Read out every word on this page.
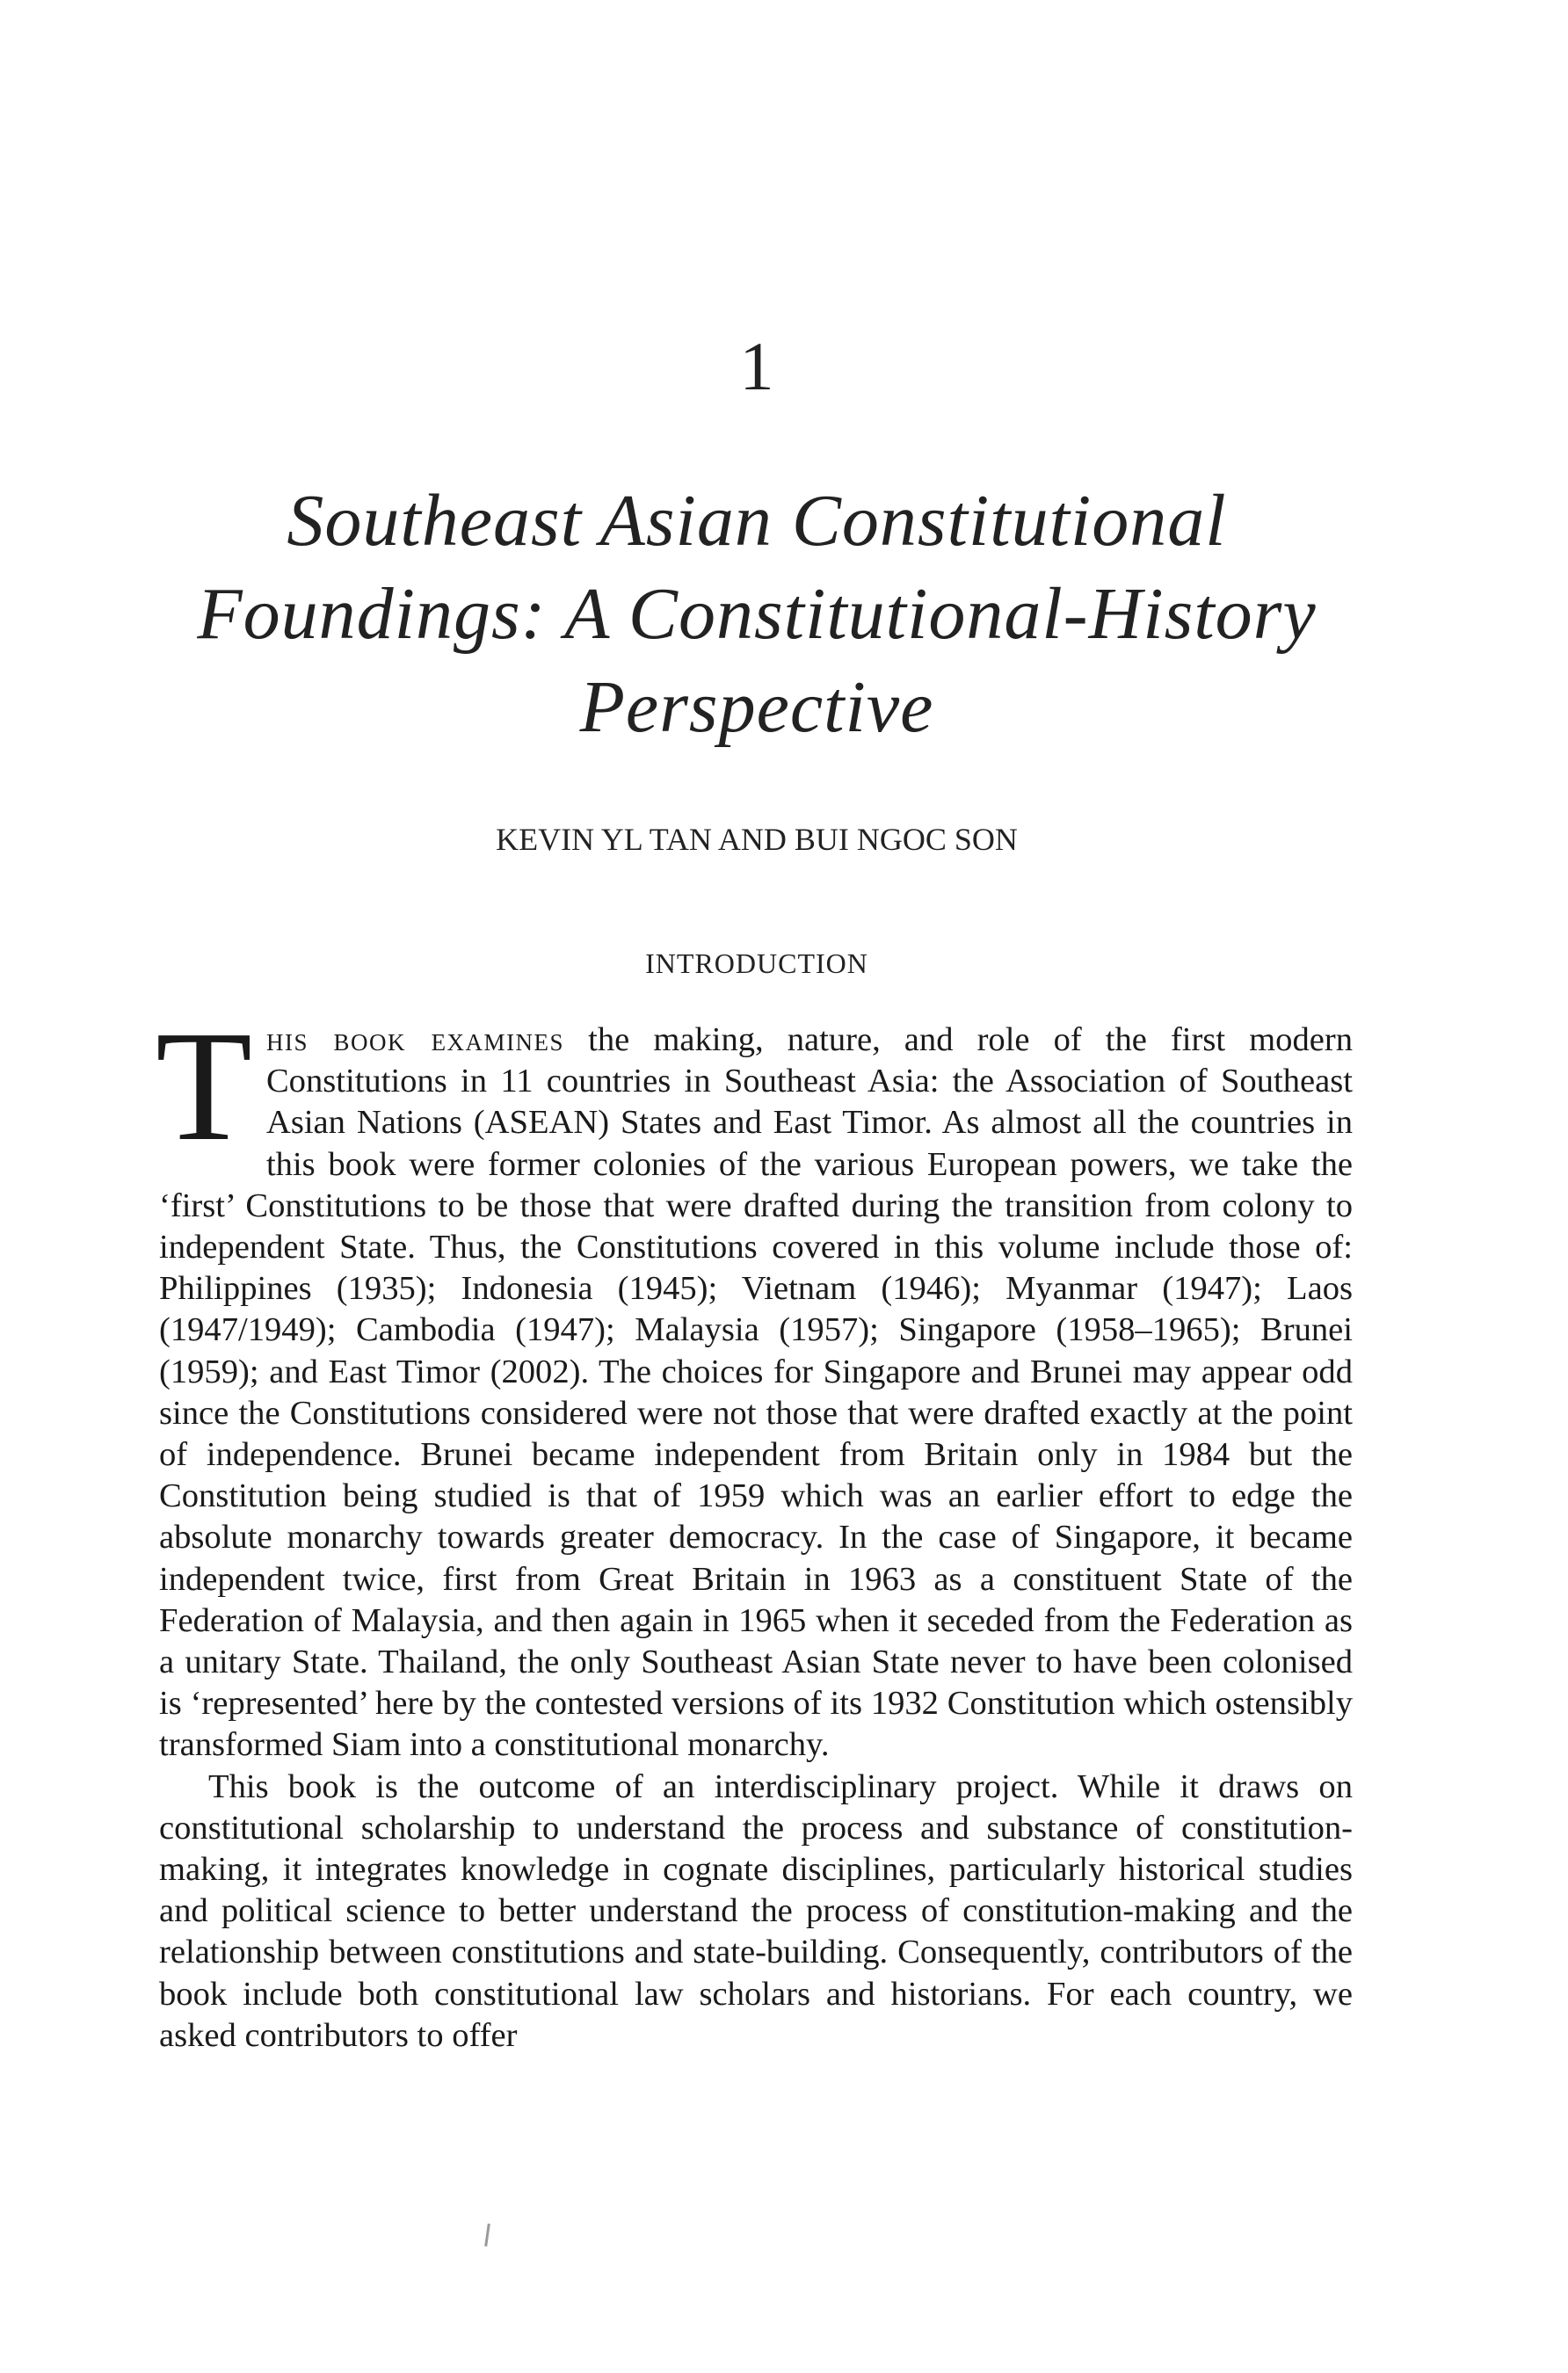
1
Southeast Asian Constitutional
Foundings: A Constitutional-History
Perspective
KEVIN YL TAN AND BUI NGOC SON
INTRODUCTION

This book examines the making, nature, and role of the first modern Constitutions in 11 countries in Southeast Asia: the Association of Southeast Asian Nations (ASEAN) States and East Timor. As almost all the countries in this book were former colonies of the various European powers, we take the ‘first’ Constitutions to be those that were drafted during the transition from colony to independent State. Thus, the Constitutions covered in this volume include those of: Philippines (1935); Indonesia (1945); Vietnam (1946); Myanmar (1947); Laos (1947/1949); Cambodia (1947); Malaysia (1957); Singapore (1958–1965); Brunei (1959); and East Timor (2002). The choices for Singapore and Brunei may appear odd since the Constitutions considered were not those that were drafted exactly at the point of independence. Brunei became independent from Britain only in 1984 but the Constitution being studied is that of 1959 which was an earlier effort to edge the absolute monarchy towards greater democracy. In the case of Singapore, it became independent twice, first from Great Britain in 1963 as a constituent State of the Federation of Malaysia, and then again in 1965 when it seceded from the Federation as a unitary State. Thailand, the only Southeast Asian State never to have been colonised is ‘represented’ here by the contested versions of its 1932 Constitution which ostensibly transformed Siam into a constitutional monarchy.

This book is the outcome of an interdisciplinary project. While it draws on constitutional scholarship to understand the process and substance of constitution-making, it integrates knowledge in cognate disciplines, particularly historical studies and political science to better understand the process of constitution-making and the relationship between constitutions and state-building. Consequently, contributors of the book include both constitutional law scholars and historians. For each country, we asked contributors to offer
